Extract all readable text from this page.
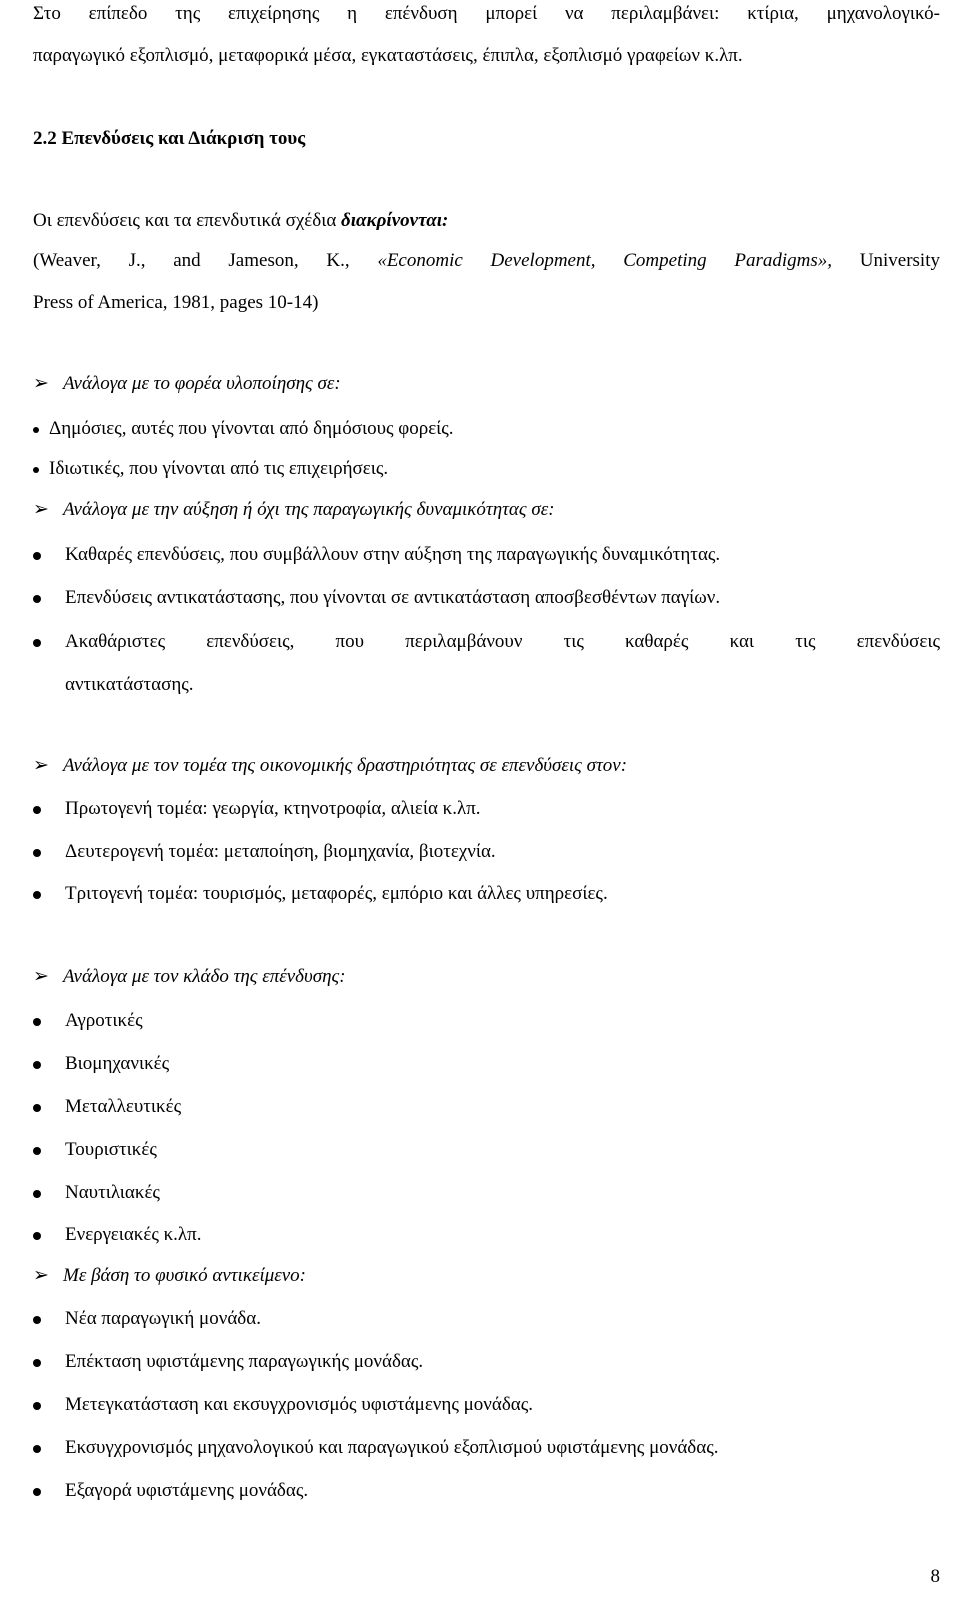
Στο επίπεδο της επιχείρησης η επένδυση μπορεί να περιλαμβάνει: κτίρια, μηχανολογικό-
παραγωγικό εξοπλισμό, μεταφορικά μέσα, εγκαταστάσεις, έπιπλα, εξοπλισμό γραφείων κ.λπ.
2.2 Επενδύσεις και Διάκριση τους
Οι επενδύσεις και τα επενδυτικά σχέδια διακρίνονται:
(Weaver, J., and Jameson, K., «Economic Development, Competing Paradigms», University
Press of America, 1981, pages 10-14)
➢ Ανάλογα με το φορέα υλοποίησης σε:
Δημόσιες, αυτές που γίνονται από δημόσιους φορείς.
Ιδιωτικές, που γίνονται από τις επιχειρήσεις.
➢ Ανάλογα με την αύξηση ή όχι της παραγωγικής δυναμικότητας σε:
Καθαρές επενδύσεις, που συμβάλλουν στην αύξηση της παραγωγικής δυναμικότητας.
Επενδύσεις αντικατάστασης, που γίνονται σε αντικατάσταση αποσβεσθέντων παγίων.
Ακαθάριστες επενδύσεις, που περιλαμβάνουν τις καθαρές και τις επενδύσεις
αντικατάστασης.
➢ Ανάλογα με τον τομέα της οικονομικής δραστηριότητας σε επενδύσεις στον:
Πρωτογενή τομέα: γεωργία, κτηνοτροφία, αλιεία κ.λπ.
Δευτερογενή τομέα: μεταποίηση, βιομηχανία, βιοτεχνία.
Τριτογενή τομέα: τουρισμός, μεταφορές, εμπόριο και άλλες υπηρεσίες.
➢ Ανάλογα με τον κλάδο της επένδυσης:
Αγροτικές
Βιομηχανικές
Μεταλλευτικές
Τουριστικές
Ναυτιλιακές
Ενεργειακές κ.λπ.
➢ Με βάση το φυσικό αντικείμενο:
Νέα παραγωγική μονάδα.
Επέκταση υφιστάμενης παραγωγικής μονάδας.
Μετεγκατάσταση και εκσυγχρονισμός υφιστάμενης μονάδας.
Εκσυγχρονισμός μηχανολογικού και παραγωγικού εξοπλισμού υφιστάμενης μονάδας.
Εξαγορά υφιστάμενης μονάδας.
8
